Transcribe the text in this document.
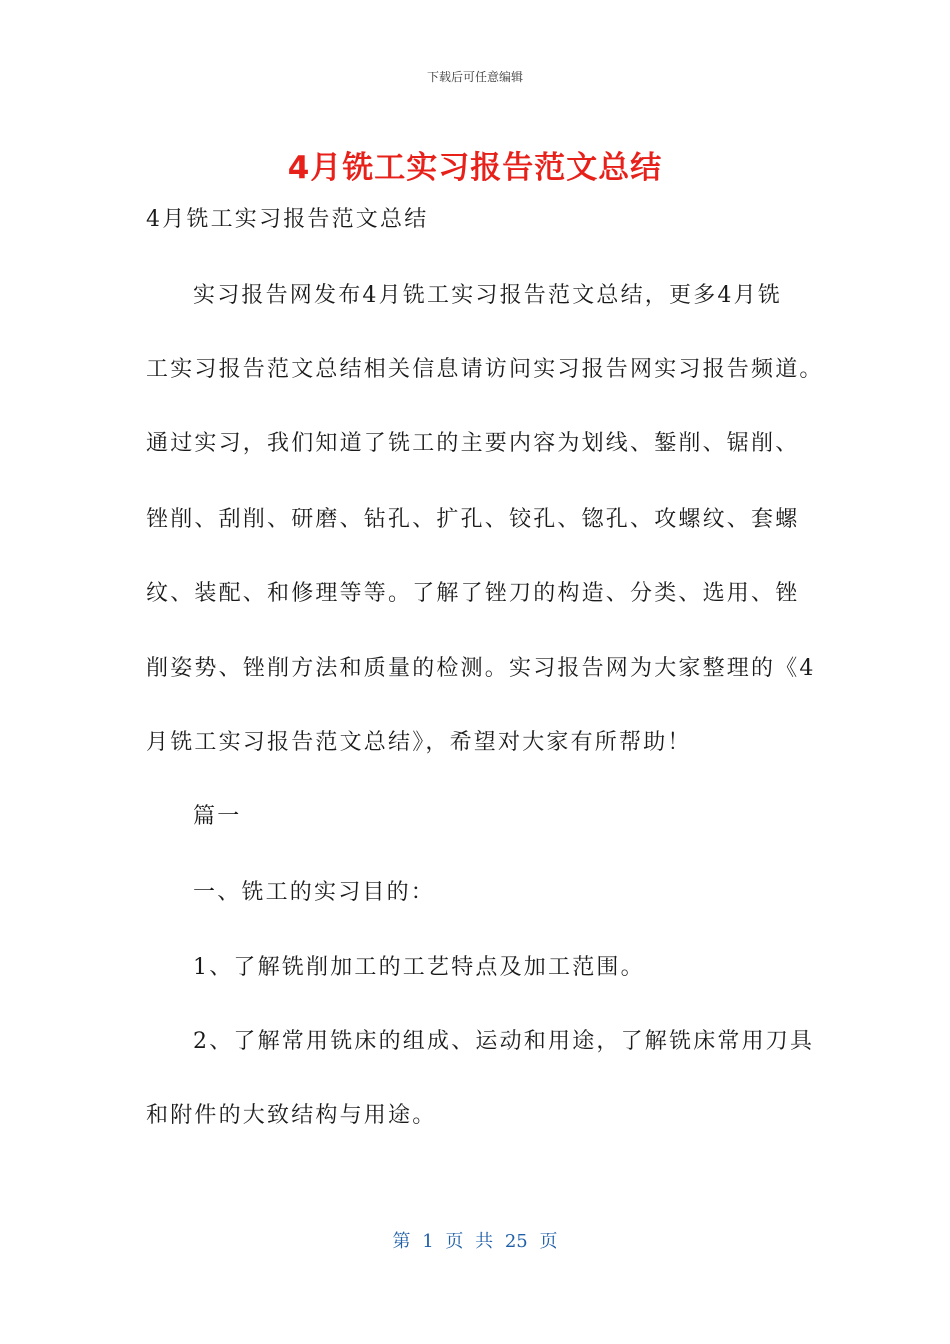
下载后可任意编辑
4月铣工实习报告范文总结
4月铣工实习报告范文总结
实习报告网发布4月铣工实习报告范文总结，更多4月铣
工实习报告范文总结相关信息请访问实习报告网实习报告频道。
通过实习，我们知道了铣工的主要内容为划线、錾削、锯削、
锉削、刮削、研磨、钻孔、扩孔、铰孔、锪孔、攻螺纹、套螺
纹、装配、和修理等等。了解了锉刀的构造、分类、选用、锉
削姿势、锉削方法和质量的检测。实习报告网为大家整理的《4
月铣工实习报告范文总结》，希望对大家有所帮助！
篇一
一、铣工的实习目的：
1、了解铣削加工的工艺特点及加工范围。
2、了解常用铣床的组成、运动和用途，了解铣床常用刀具
和附件的大致结构与用途。
第 1 页 共 25 页
